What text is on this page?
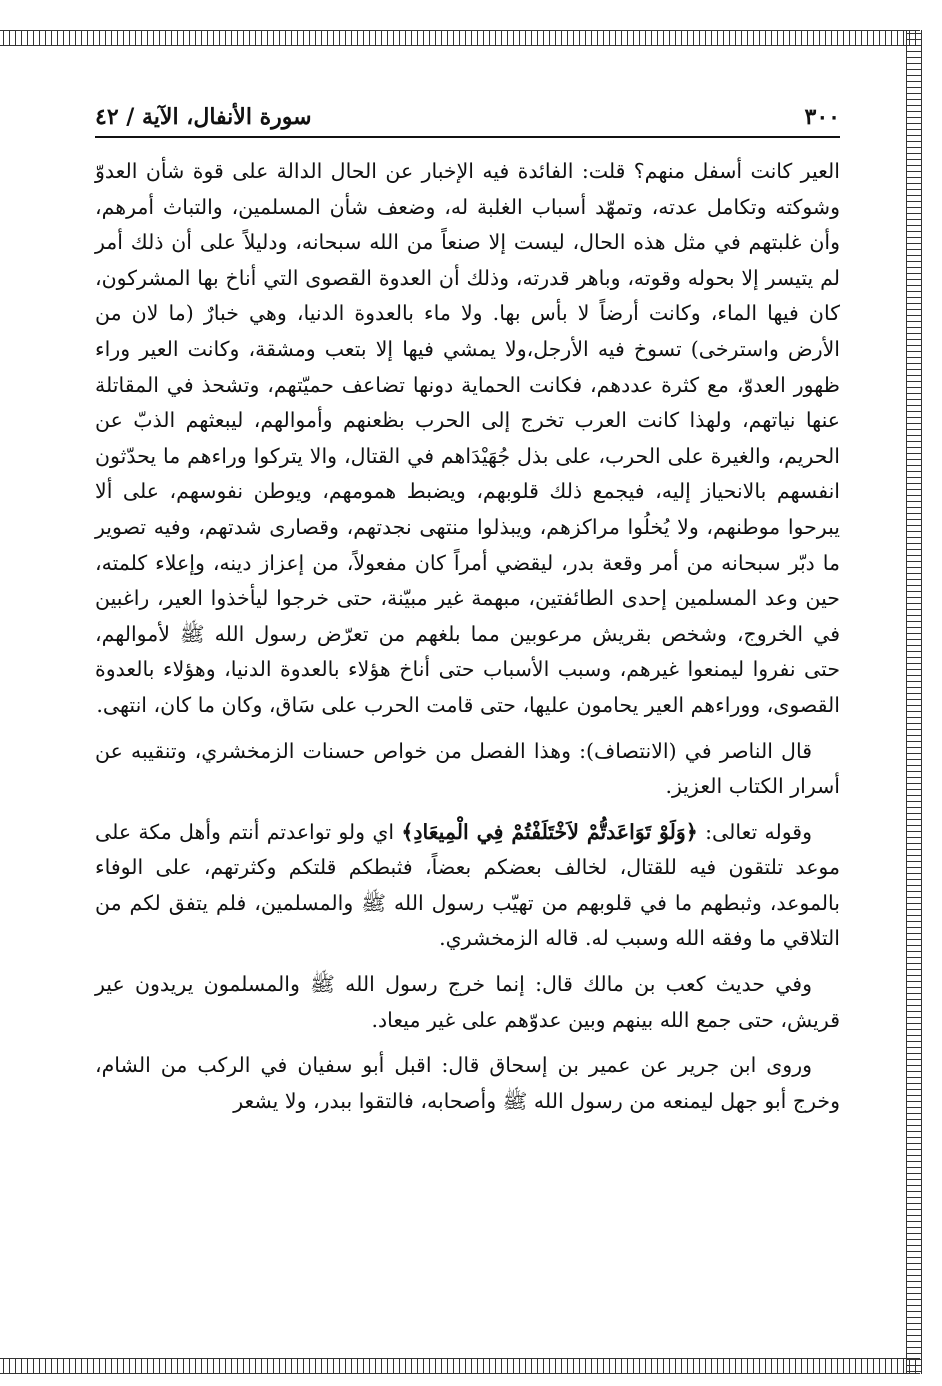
٣٠٠
سورة الأنفال، الآية / ٤٢

العير كانت أسفل منهم؟ قلت: الفائدة فيه الإخبار عن الحال الدالة على قوة شأن العدوّ وشوكته وتكامل عدته، وتمهّد أسباب الغلبة له، وضعف شأن المسلمين، والتباث أمرهم، وأن غلبتهم في مثل هذه الحال، ليست إلا صنعاً من الله سبحانه، ودليلاً على أن ذلك أمر لم يتيسر إلا بحوله وقوته، وباهر قدرته، وذلك أن العدوة القصوى التي أناخ بها المشركون، كان فيها الماء، وكانت أرضاً لا بأس بها. ولا ماء بالعدوة الدنيا، وهي خبارٌ (ما لان من الأرض واسترخى) تسوخ فيه الأرجل،ولا يمشي فيها إلا بتعب ومشقة، وكانت العير وراء ظهور العدوّ، مع كثرة عددهم، فكانت الحماية دونها تضاعف حميّتهم، وتشحذ في المقاتلة عنها نياتهم، ولهذا كانت العرب تخرج إلى الحرب بظعنهم وأموالهم، ليبعثهم الذبّ عن الحريم، والغيرة على الحرب، على بذل جُهَيْدَاهم في القتال، والا يتركوا وراءهم ما يحدّثون انفسهم بالانحياز إليه، فيجمع ذلك قلوبهم، ويضبط همومهم، ويوطن نفوسهم، على ألا يبرحوا موطنهم، ولا يُخلُوا مراكزهم، ويبذلوا منتهى نجدتهم، وقصارى شدتهم، وفيه تصوير ما دبّر سبحانه من أمر وقعة بدر، ليقضي أمراً كان مفعولاً، من إعزاز دينه، وإعلاء كلمته، حين وعد المسلمين إحدى الطائفتين، مبهمة غير مبيّنة، حتى خرجوا ليأخذوا العير، راغبين في الخروج، وشخص بقريش مرعوبين مما بلغهم من تعرّض رسول الله ﷺ لأموالهم، حتى نفروا ليمنعوا غيرهم، وسبب الأسباب حتى أناخ هؤلاء بالعدوة الدنيا، وهؤلاء بالعدوة القصوى، ووراءهم العير يحامون عليها، حتى قامت الحرب على سَاق، وكان ما كان، انتهى.

قال الناصر في (الانتصاف): وهذا الفصل من خواص حسنات الزمخشري، وتنقيبه عن أسرار الكتاب العزيز.

وقوله تعالى: ﴿وَلَوْ تَوَاعَدتُّمْ لاَخْتَلَفْتُمْ فِي الْمِيعَادِ﴾ اي ولو تواعدتم أنتم وأهل مكة على موعد تلتقون فيه للقتال، لخالف بعضكم بعضاً، فثبطكم قلتكم وكثرتهم، على الوفاء بالموعد، وثبطهم ما في قلوبهم من تهيّب رسول الله ﷺ والمسلمين، فلم يتفق لكم من التلاقي ما وفقه الله وسبب له. قاله الزمخشري.

وفي حديث كعب بن مالك قال: إنما خرج رسول الله ﷺ والمسلمون يريدون عير قريش، حتى جمع الله بينهم وبين عدوّهم على غير ميعاد.

وروى ابن جرير عن عمير بن إسحاق قال: اقبل أبو سفيان في الركب من الشام، وخرج أبو جهل ليمنعه من رسول الله ﷺ وأصحابه، فالتقوا ببدر، ولا يشعر
